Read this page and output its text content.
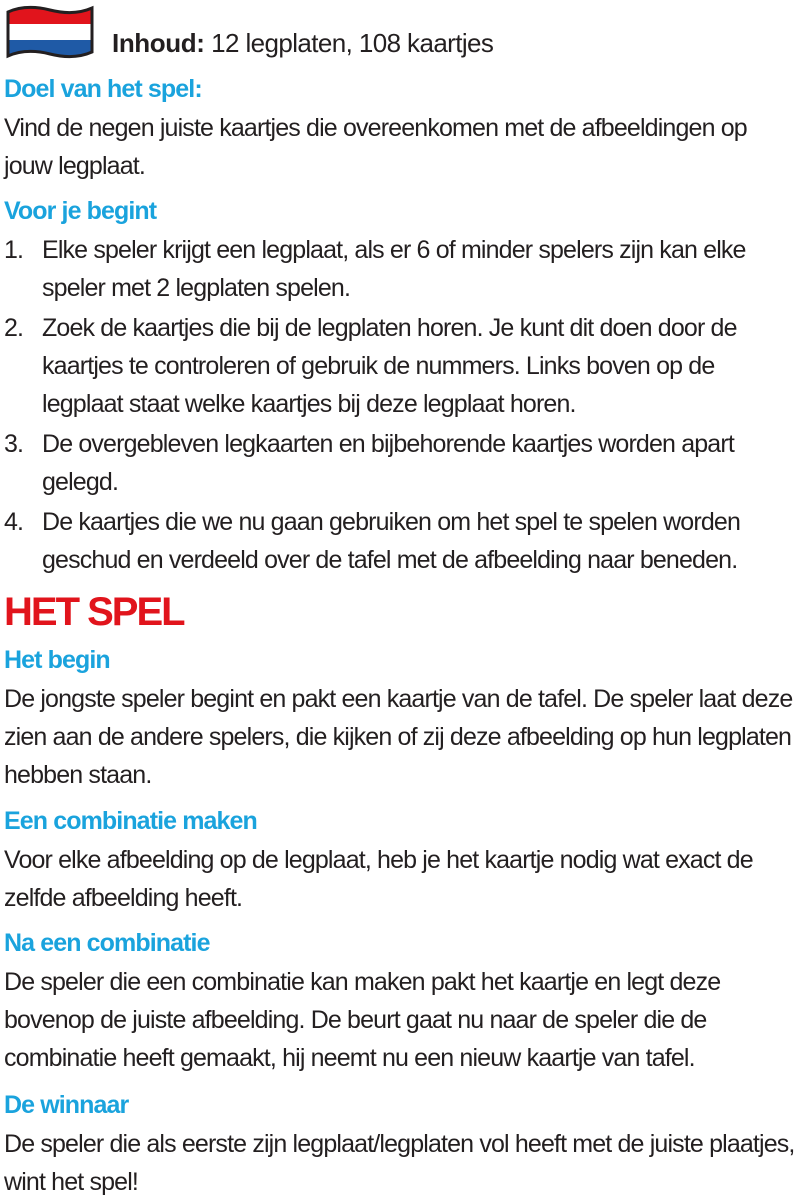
Inhoud: 12 legplaten, 108 kaartjes
Doel van het spel:
Vind de negen juiste kaartjes die overeenkomen met de afbeeldingen op
jouw legplaat.
Voor je begint
1. Elke speler krijgt een legplaat, als er 6 of minder spelers zijn kan elke
speler met 2 legplaten spelen.
2. Zoek de kaartjes die bij de legplaten horen. Je kunt dit doen door de
kaartjes te controleren of gebruik de nummers. Links boven op de
legplaat staat welke kaartjes bij deze legplaat horen.
3. De overgebleven legkaarten en bijbehorende kaartjes worden apart
gelegd.
4. De kaartjes die we nu gaan gebruiken om het spel te spelen worden
geschud en verdeeld over de tafel met de afbeelding naar beneden.
HET SPEL
Het begin
De jongste speler begint en pakt een kaartje van de tafel. De speler laat deze
zien aan de andere spelers, die kijken of zij deze afbeelding op hun legplaten
hebben staan.
Een combinatie maken
Voor elke afbeelding op de legplaat, heb je het kaartje nodig wat exact de
zelfde afbeelding heeft.
Na een combinatie
De speler die een combinatie kan maken pakt het kaartje en legt deze
bovenop de juiste afbeelding. De beurt gaat nu naar de speler die de
combinatie heeft gemaakt, hij neemt nu een nieuw kaartje van tafel.
De winnaar
De speler die als eerste zijn legplaat/legplaten vol heeft met de juiste plaatjes,
wint het spel!
